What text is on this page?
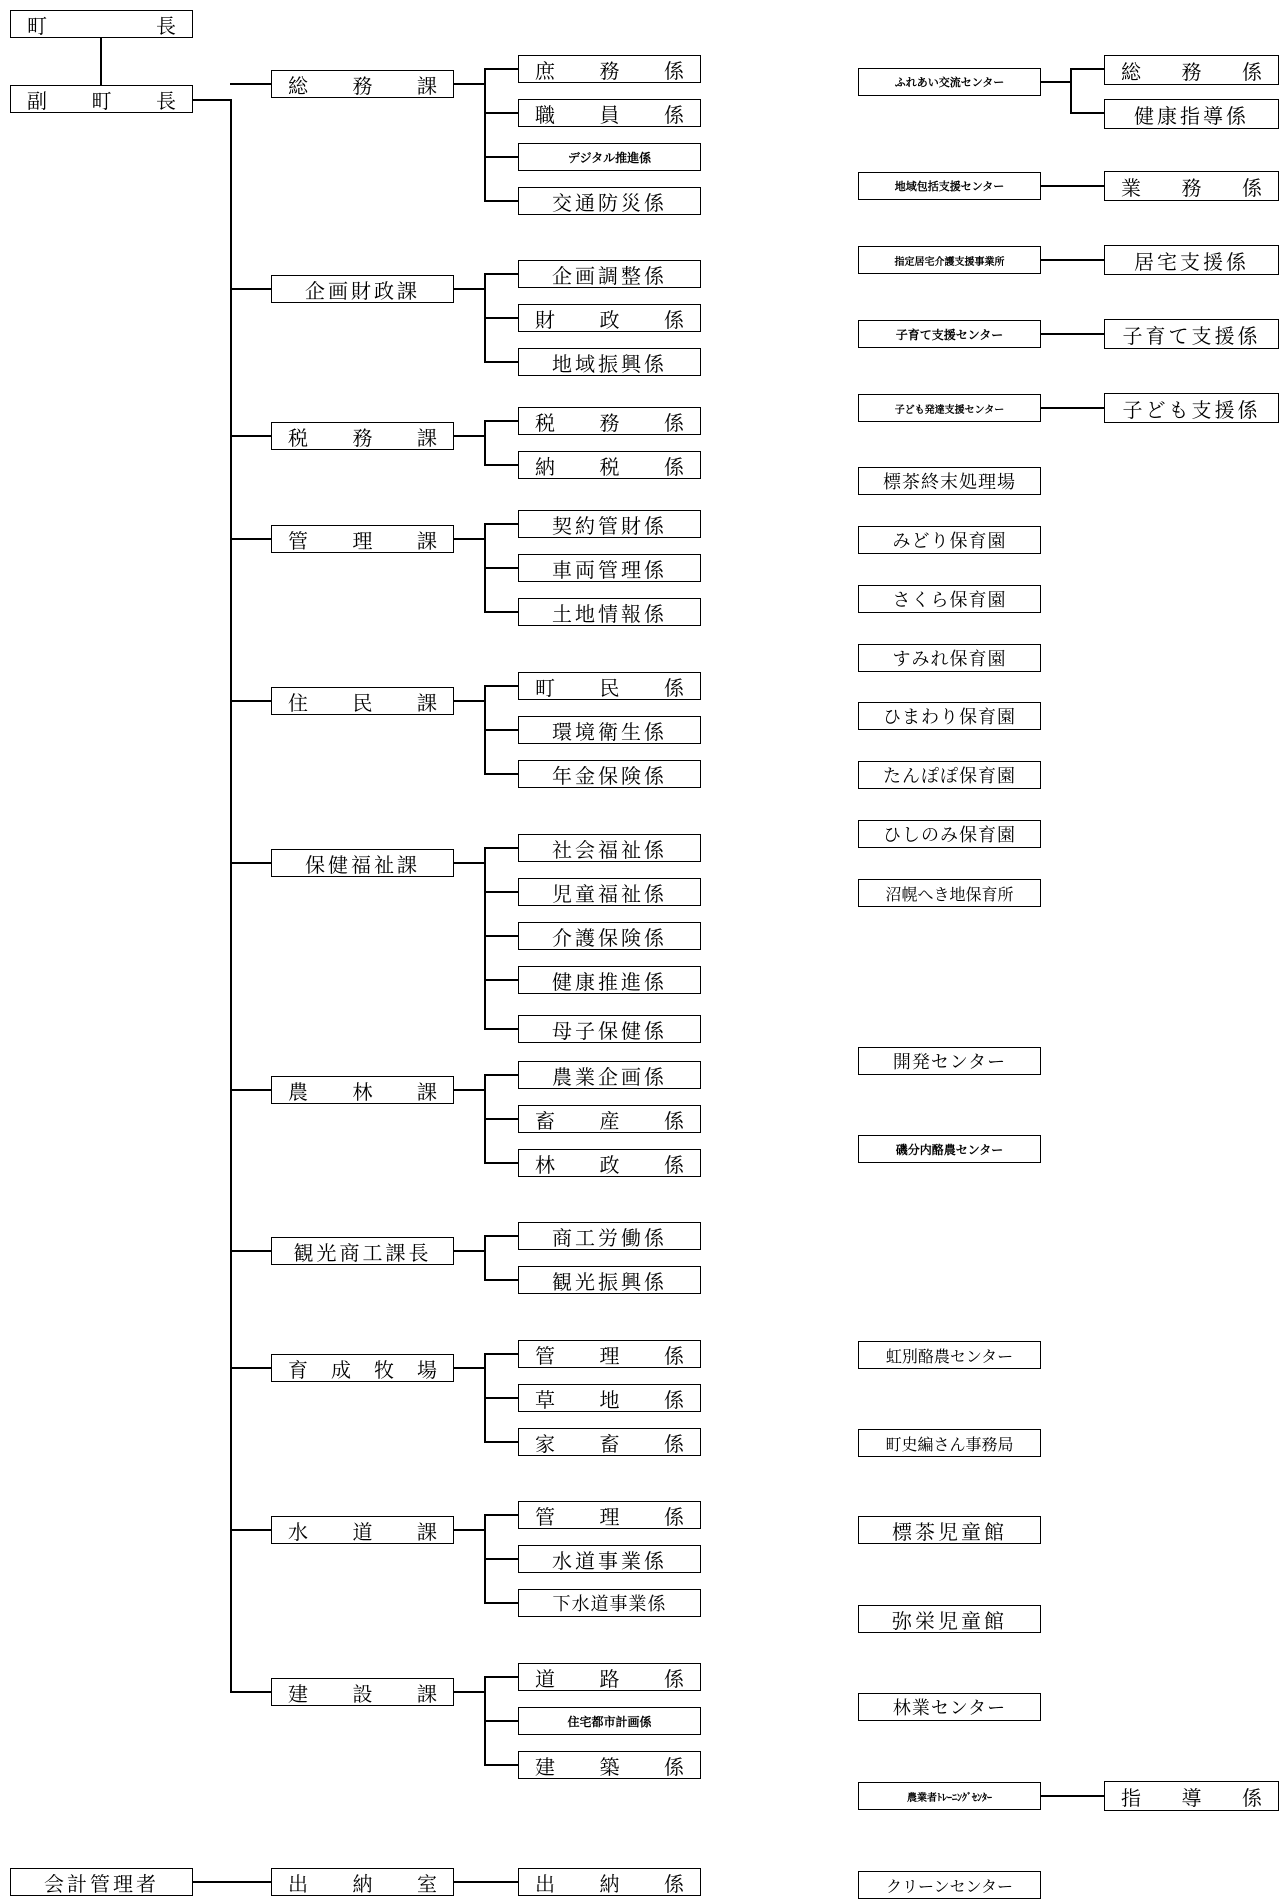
町	長
副 町 長
総 務 課
庶 務 係
職 員 係
デジタル推進係
交通防災係
企画財政課
企画調整係
財 政 係
地域振興係
税 務 課
税 務 係
納 税 係
管 理 課
契約管財係
車両管理係
土地情報係
住 民 課
町 民 係
環境衛生係
年金保険係
保健福祉課
社会福祉係
児童福祉係
介護保険係
健康推進係
母子保健係
農 林 課
農業企画係
畜 産 係
林 政 係
観光商工課長
商工労働係
観光振興係
育 成 牧 場
管 理 係
草 地 係
家 畜 係
水 道 課
管 理 係
水道事業係
下水道事業係
建 設 課
道 路 係
住宅都市計画係
建 築 係
会計管理者	出 納 室	出 納 係
ふれあい交流センター	総 務 係
健康指導係
地域包括支援センター	業 務 係
指定居宅介護支援事業所	居宅支援係
子育て支援センター	子育て支援係
子ども発達支援センター	子ども支援係
標茶終末処理場
みどり保育園
さくら保育園
すみれ保育園
ひまわり保育園
たんぽぽ保育園
ひしのみ保育園
沼幌へき地保育所
開発センター
磯分内酪農センター
虹別酪農センター
町史編さん事務局
標茶児童館
弥栄児童館
林業センター
農業者ﾄﾚｰﾆﾝｸﾞｾﾝﾀｰ	指 導 係
クリーンセンター
